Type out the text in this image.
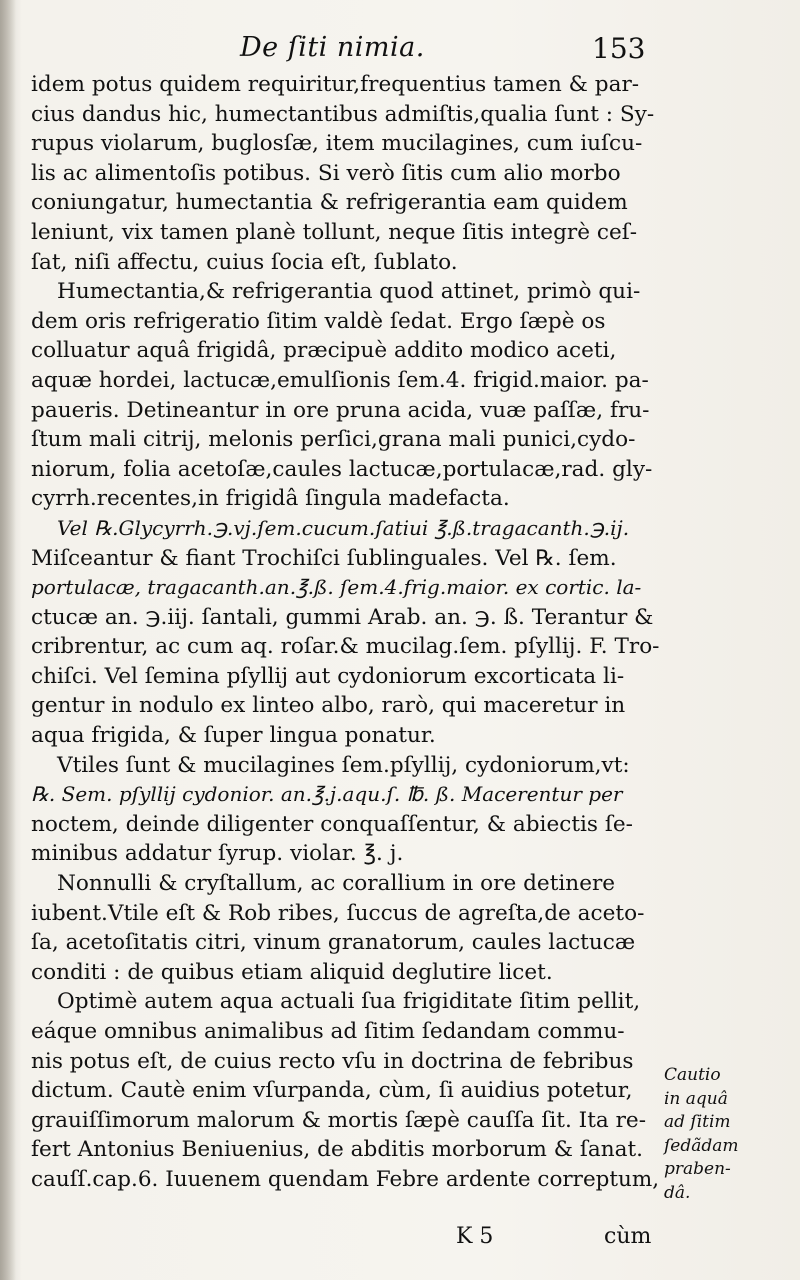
De ſiti nimia.	153
idem potus quidem requiritur,frequentius tamen & par-
cius dandus hic, humectantibus admiſtis,qualia ſunt : Sy-
rupus violarum, buglosſæ, item mucilagines, cum iuſcu-
lis ac alimentoſis potibus. Si verò ſitis cum alio morbo
coniungatur, humectantia & refrigerantia eam quidem
leniunt, vix tamen planè tollunt, neque ſitis integrè ceſ-
ſat, niſi affectu, cuius ſocia eſt, ſublato.
Humectantia,& refrigerantia quod attinet, primò qui-
dem oris refrigeratio ſitim valdè ſedat. Ergo ſæpè os
colluatur aquâ frigidâ, præcipuè addito modico aceti,
aquæ hordei, lactucæ,emulſionis ſem.4. frigid.maior. pa-
paueris. Detineantur in ore pruna acida, vuæ paſſæ, fru-
ſtum mali citrij, melonis perſici,grana mali punici,cydo-
niorum, folia acetoſæ,caules lactucæ,portulacæ,rad. gly-
cyrrh.recentes,in frigidâ ſingula madefacta.
Vel ℞.Glycyrrh.℈.vj.ſem.cucum.ſatiui ℥.ß.tragacanth.℈.ij.
Miſceantur & fiant Trochiſci ſublinguales. Vel ℞. ſem.
portulacæ, tragacanth.an.℥.ß. ſem.4.frig.maior. ex cortic. la-
ctucæ an. ℈.iij. ſantali, gummi Arab. an. ℈. ß. Terantur &
cribrentur, ac cum aq. roſar.& mucilag.ſem. pſyllij. F. Tro-
chiſci. Vel ſemina pſyllij aut cydoniorum excorticata li-
gentur in nodulo ex linteo albo, rarò, qui maceretur in
aqua frigida, & ſuper lingua ponatur.
Vtiles ſunt & mucilagines ſem.pſyllij, cydoniorum,vt:
℞. Sem. pſyllij cydonior. an.℥.j.aqu.ſ. ℔. ß. Macerentur per
noctem, deinde diligenter conquaſſentur, & abiectis ſe-
minibus addatur ſyrup. violar. ℥. j.
Nonnulli & cryſtallum, ac corallium in ore detinere
iubent.Vtile eſt & Rob ribes, ſuccus de agreſta,de aceto-
ſa, acetoſitatis citri, vinum granatorum, caules lactucæ
conditi : de quibus etiam aliquid deglutire licet.
Optimè autem aqua actuali ſua frigiditate ſitim pellit,
eáque omnibus animalibus ad ſitim ſedandam commu-
nis potus eſt, de cuius recto vſu in doctrina de febribus
dictum. Cautè enim vſurpanda, cùm, ſi auidius potetur,
grauiſſimorum malorum & mortis ſæpè cauſſa ſit. Ita re-
fert Antonius Beniuenius, de abditis morborum & ſanat.
cauſſ.cap.6. Iuuenem quendam Febre ardente correptum,
Cautio
in aquâ
ad ſitim
ſedãdam
praben-
dâ.
K 5	cùm
